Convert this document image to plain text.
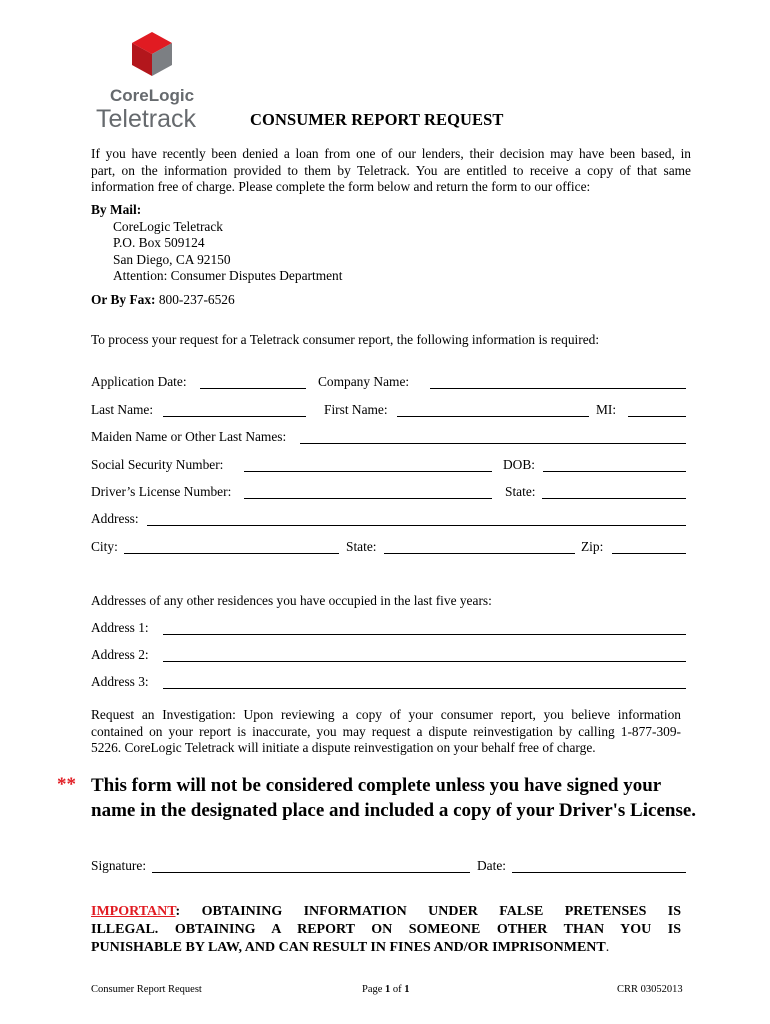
CoreLogic
Teletrack	CONSUMER REPORT REQUEST
If you have recently been denied a loan from one of our lenders, their decision may have been based, in
part, on the information provided to them by Teletrack. You are entitled to receive a copy of that same
information free of charge. Please complete the form below and return the form to our office:
By Mail:
CoreLogic Teletrack
P.O. Box 509124
San Diego, CA 92150
Attention: Consumer Disputes Department
Or By Fax: 800-237-6526
To process your request for a Teletrack consumer report, the following information is required:
Application Date:	Company Name:
Last Name:	First Name:	MI:
Maiden Name or Other Last Names:
Social Security Number:	DOB:
Driver’s License Number:	State:
Address:
City:	State:	Zip:
Addresses of any other residences you have occupied in the last five years:
Address 1:
Address 2:
Address 3:
Request an Investigation: Upon reviewing a copy of your consumer report, you believe information
contained on your report is inaccurate, you may request a dispute reinvestigation by calling 1-877-309-
5226. CoreLogic Teletrack will initiate a dispute reinvestigation on your behalf free of charge.
** This form will not be considered complete unless you have signed your
name in the designated place and included a copy of your Driver's License.
Signature:	Date:
IMPORTANT: OBTAINING INFORMATION UNDER FALSE PRETENSES IS
ILLEGAL. OBTAINING A REPORT ON SOMEONE OTHER THAN YOU IS
PUNISHABLE BY LAW, AND CAN RESULT IN FINES AND/OR IMPRISONMENT.
Consumer Report Request	Page 1 of 1	CRR 03052013
